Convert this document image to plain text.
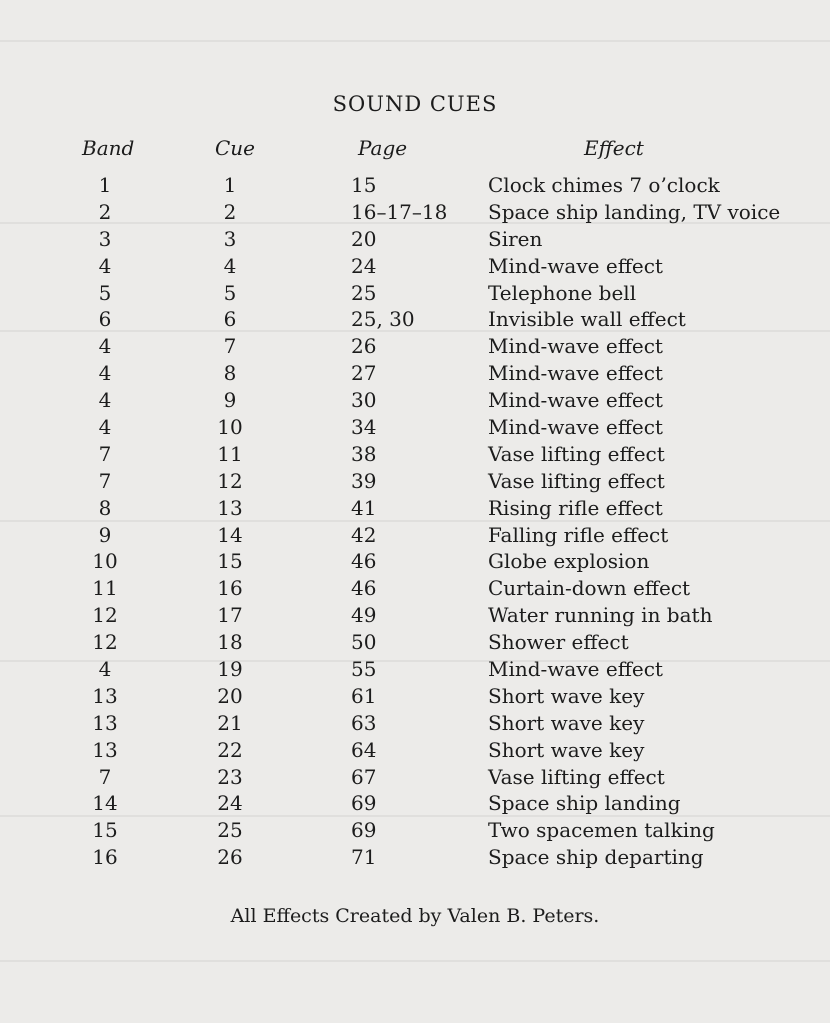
SOUND CUES
Band	Cue	Page	Effect
1	1	15	Clock chimes 7 o’clock
2	2	16–17–18 Space ship landing, TV voice
3	3	20	Siren
4	4	24	Mind-wave effect
5	5	25	Telephone bell
6	6	25, 30	Invisible wall effect
4	7	26	Mind-wave effect
4	8	27	Mind-wave effect
4	9	30	Mind-wave effect
4	10	34	Mind-wave effect
7	11	38	Vase lifting effect
7	12	39	Vase lifting effect
8	13	41	Rising rifle effect
9	14	42	Falling rifle effect
10	15	46	Globe explosion
11	16	46	Curtain-down effect
12	17	49	Water running in bath
12	18	50	Shower effect
4	19	55	Mind-wave effect
13	20	61	Short wave key
13	21	63	Short wave key
13	22	64	Short wave key
7	23	67	Vase lifting effect
14	24	69	Space ship landing
15	25	69	Two spacemen talking
16	26	71	Space ship departing
All Effects Created by Valen B. Peters.
